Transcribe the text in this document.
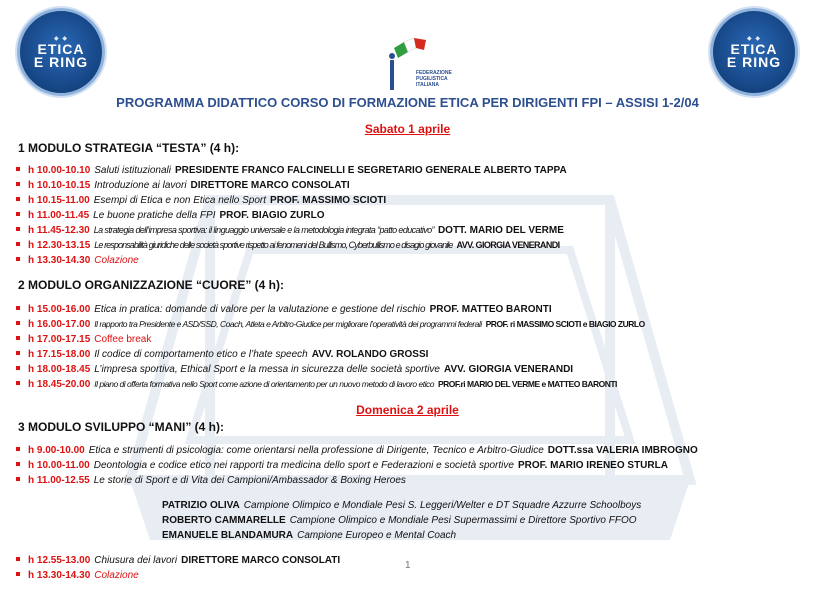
◆ ◆
ETICA
E RING
◆ ◆
ETICA
E RING
FEDERAZIONE
PUGILISTICA
ITALIANA
PROGRAMMA DIDATTICO CORSO DI FORMAZIONE ETICA PER DIRIGENTI FPI – ASSISI 1-2/04
Sabato 1 aprile
1 MODULO STRATEGIA “TESTA” (4 h):
h 10.00-10.10 Saluti istituzionali PRESIDENTE FRANCO FALCINELLI E SEGRETARIO GENERALE ALBERTO TAPPA
h 10.10-10.15 Introduzione ai lavori DIRETTORE MARCO CONSOLATI
h 10.15-11.00 Esempi di Etica e non Etica nello Sport PROF. MASSIMO SCIOTI
h 11.00-11.45 Le buone pratiche della FPI PROF. BIAGIO ZURLO
h 11.45-12.30 La strategia dell’impresa sportiva: il linguaggio universale e la metodologia integrata “patto educativo” DOTT. MARIO DEL VERME
h 12.30-13.15 Le responsabilità giuridiche delle società sportive rispetto ai fenomeni del Bullismo, Cyberbullismo e disagio giovanile AVV. GIORGIA VENERANDI
h 13.30-14.30 Colazione
2 MODULO ORGANIZZAZIONE “CUORE” (4 h):
h 15.00-16.00 Etica in pratica: domande di valore per la valutazione e gestione del rischio PROF. MATTEO BARONTI
h 16.00-17.00 Il rapporto tra Presidente e ASD/SSD, Coach, Atleta e Arbitro-Giudice per migliorare l’operatività dei programmi federali PROF. ri MASSIMO SCIOTI e BIAGIO ZURLO
h 17.00-17.15 Coffee break
h 17.15-18.00 Il codice di comportamento etico e l’hate speech AVV. ROLANDO GROSSI
h 18.00-18.45 L’impresa sportiva, Ethical Sport e la messa in sicurezza delle società sportive AVV. GIORGIA VENERANDI
h 18.45-20.00 Il piano di offerta formativa nello Sport come azione di orientamento per un nuovo metodo di lavoro etico PROF.ri MARIO DEL VERME e MATTEO BARONTI
Domenica 2 aprile
3 MODULO SVILUPPO “MANI” (4 h):
h 9.00-10.00 Etica e strumenti di psicologia: come orientarsi nella professione di Dirigente, Tecnico e Arbitro-Giudice DOTT.ssa VALERIA IMBROGNO
h 10.00-11.00 Deontologia e codice etico nei rapporti tra medicina dello sport e Federazioni e società sportive PROF. MARIO IRENEO STURLA
h 11.00-12.55 Le storie di Sport e di Vita dei Campioni/Ambassador & Boxing Heroes
PATRIZIO OLIVA Campione Olimpico e Mondiale Pesi S. Leggeri/Welter e DT Squadre Azzurre Schoolboys
ROBERTO CAMMARELLE Campione Olimpico e Mondiale Pesi Supermassimi e Direttore Sportivo FFOO
EMANUELE BLANDAMURA Campione Europeo e Mental Coach
h 12.55-13.00 Chiusura dei lavori DIRETTORE MARCO CONSOLATI
h 13.30-14.30 Colazione
1
